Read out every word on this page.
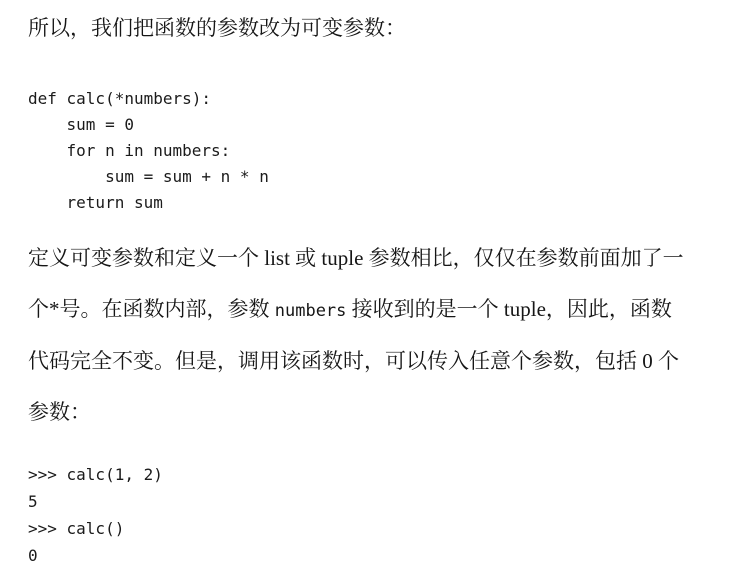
所以，我们把函数的参数改为可变参数：

def calc(*numbers):
sum = 0
for n in numbers:
sum = sum + n * n
return sum
定义可变参数和定义一个 list 或 tuple 参数相比，仅仅在参数前面加了一
个*号。在函数内部，参数 numbers 接收到的是一个 tuple，因此，函数
代码完全不变。但是，调用该函数时，可以传入任意个参数，包括 0 个
参数：
>>> calc(1, 2)
5
>>> calc()
0
